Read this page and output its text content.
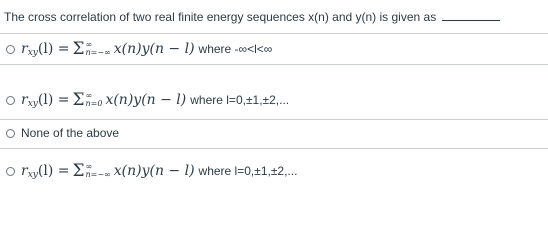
The cross correlation of two real finite energy sequences x(n) and y(n) is given as
r xy (l) = Σ ∞
n=−∞ x(n)y(n − l) where -∞<l<∞
r xy (l) = Σ ∞
n=0 x(n)y(n − l) where l=0,±1,±2,...
None of the above
r xy (l) = Σ ∞
n=−∞ x(n)y(n − l) where l=0,±1,±2,...
